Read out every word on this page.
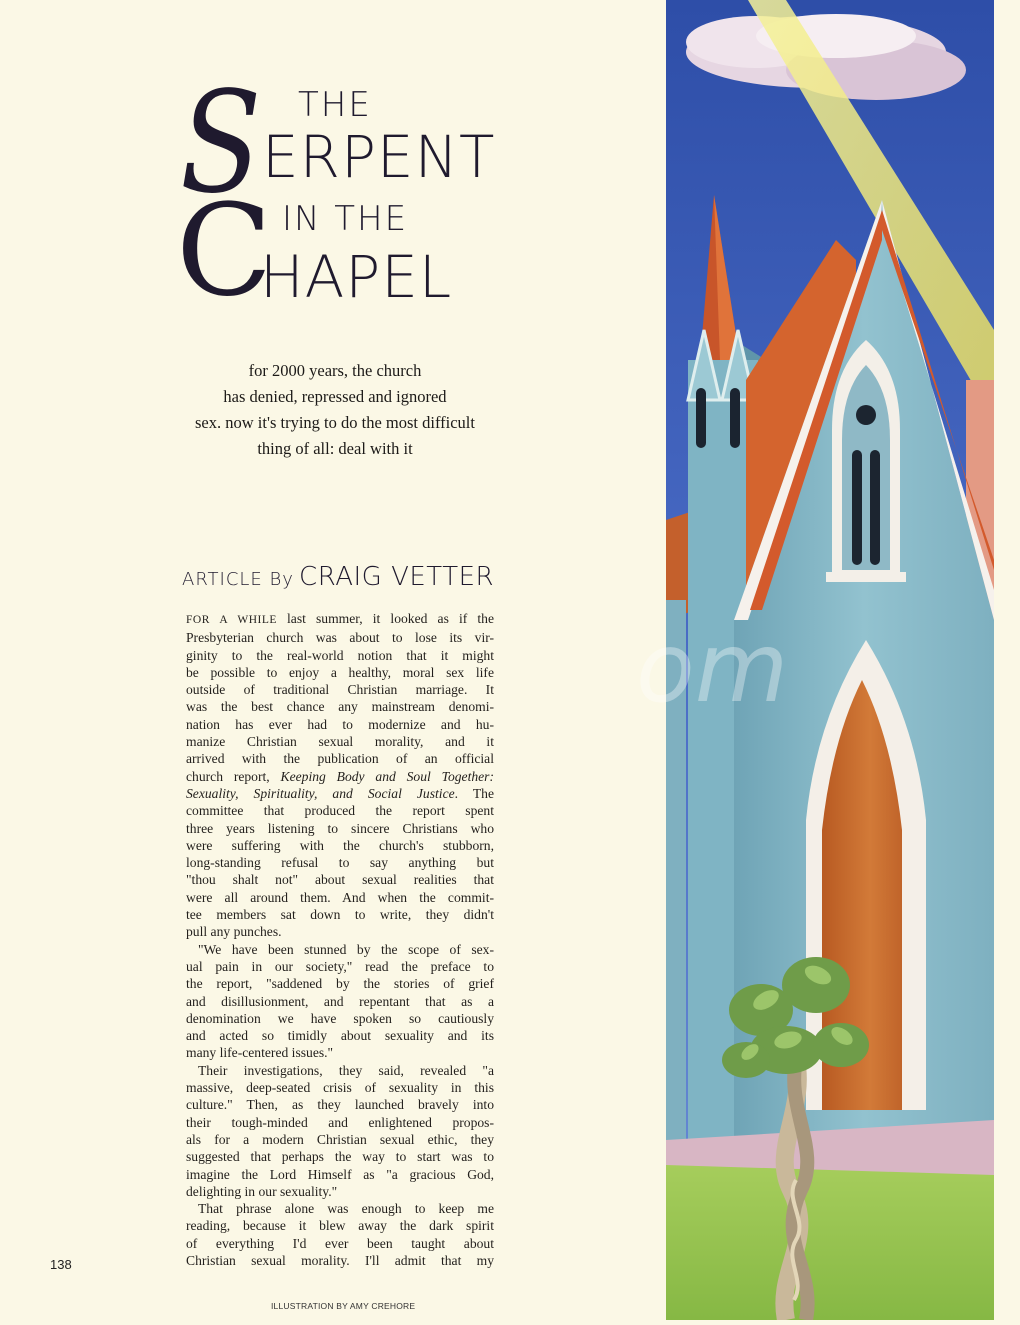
S THE
ERPENT
IN THE
C
HAPEL
for 2000 years, the church
has denied, repressed and ignored
sex. now it's trying to do the most difficult
thing of all: deal with it
ARTICLE By CRAIG VETTER

FOR A WHILE last summer, it looked as if the
Presbyterian church was about to lose its vir-
ginity to the real-world notion that it might
be possible to enjoy a healthy, moral sex life
outside of traditional Christian marriage. It
was the best chance any mainstream denomi-
nation has ever had to modernize and hu-
manize Christian sexual morality, and it
arrived with the publication of an official
church report, Keeping Body and Soul Together:
Sexuality, Spirituality, and Social Justice. The
committee that produced the report spent
three years listening to sincere Christians who
were suffering with the church's stubborn,
long-standing refusal to say anything but
"thou shalt not" about sexual realities that
were all around them. And when the commit-
tee members sat down to write, they didn't
pull any punches.

"We have been stunned by the scope of sex-
ual pain in our society," read the preface to
the report, "saddened by the stories of grief
and disillusionment, and repentant that as a
denomination we have spoken so cautiously
and acted so timidly about sexuality and its
many life-centered issues."

Their investigations, they said, revealed "a
massive, deep-seated crisis of sexuality in this
culture." Then, as they launched bravely into
their tough-minded and enlightened propos-
als for a modern Christian sexual ethic, they
suggested that perhaps the way to start was to
imagine the Lord Himself as "a gracious God,
delighting in our sexuality."

That phrase alone was enough to keep me
reading, because it blew away the dark spirit
of everything I'd ever been taught about
Christian sexual morality. I'll admit that my

138
ILLUSTRATION BY AMY CREHORE
om
